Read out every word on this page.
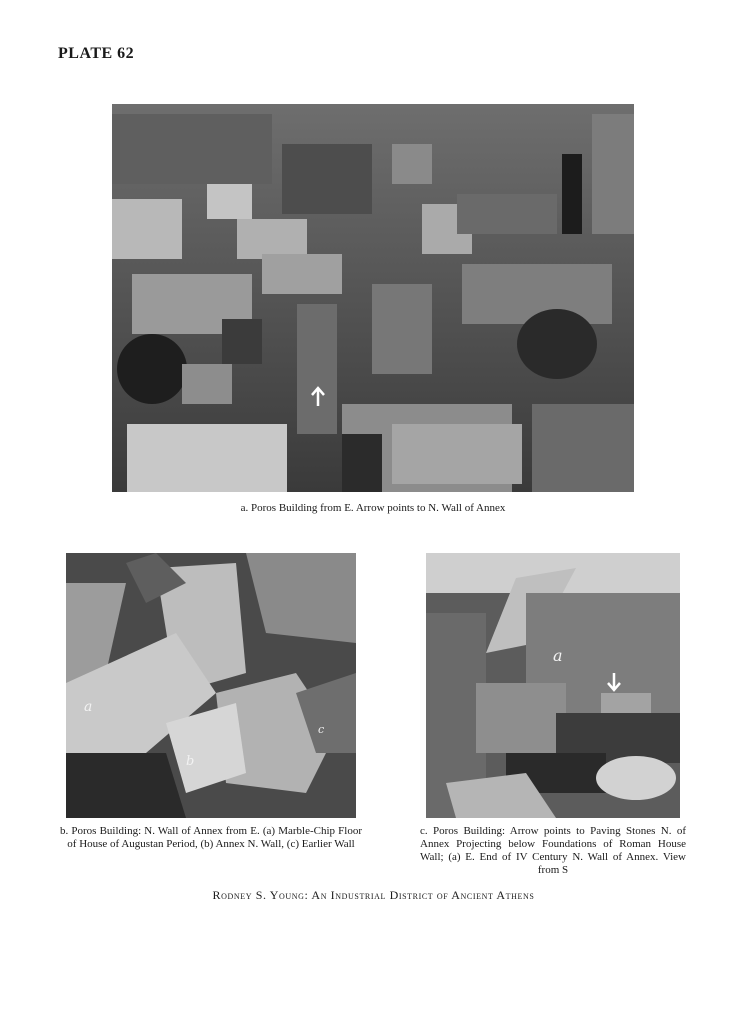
PLATE 62
a. Poros Building from E. Arrow points to N. Wall of Annex
a
b
c
b. Poros Building: N. Wall of Annex from E. (a) Marble-Chip Floor of House of Augustan Period, (b) Annex N. Wall, (c) Earlier Wall
a
c. Poros Building: Arrow points to Paving Stones N. of Annex Projecting below Foundations of Roman House Wall; (a) E. End of IV Century N. Wall of Annex. View from S
Rodney S. Young: An Industrial District of Ancient Athens
